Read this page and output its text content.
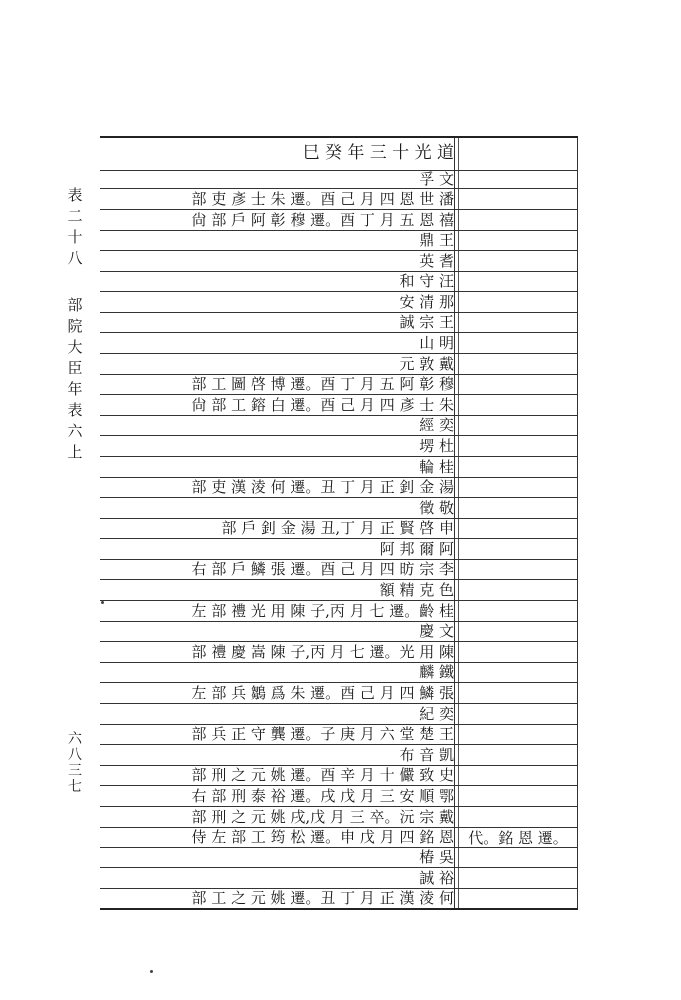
表
二
十
八
部
院
大
臣
年
表
六
上
六
八
三
七
代。銘 恩 遷。
巳 癸 年 三 十 光 道
孚 文
部 吏 彥 士 朱 遷。酉 己 月 四 恩 世 潘
尙 部 戶 阿 彰 穆 遷。酉 丁 月 五 恩 禧
鼎 王
英 耆
和 守 汪
安 清 那
誠 宗 王
山 明
元 敦 戴
部 工 圖 啓 博 遷。酉 丁 月 五 阿 彰 穆
尙 部 工 鎔 白 遷。酉 己 月 四 彥 士 朱
經 奕
塄 杜
輪 桂
部 吏 漢 淩 何 遷。丑 丁 月 正 釗 金 湯
徵 敬
部 戶 釗 金 湯 丑,丁 月 正 賢 啓 申
阿 邦 爾 阿
右 部 戶 鱗 張 遷。酉 己 月 四 昉 宗 李
額 精 克 色
左 部 禮 光 用 陳 子,丙 月 七 遷。齡 桂
慶 文
部 禮 慶 嵩 陳 子,丙 月 七 遷。光 用 陳
麟 鐵
左 部 兵 鶵 爲 朱 遷。酉 己 月 四 鱗 張
紀 奕
部 兵 正 守 龔 遷。子 庚 月 六 堂 楚 王
布 音 凱
部 刑 之 元 姚 遷。酉 辛 月 十 儼 致 史
右 部 刑 泰 裕 遷。戌 戊 月 三 安 順 鄂
部 刑 之 元 姚 戌,戊 月 三 卒。沅 宗 戴
侍 左 部 工 筠 松 遷。申 戊 月 四 銘 恩
椿 吳
誠 裕
部 工 之 元 姚 遷。丑 丁 月 正 漢 淩 何
